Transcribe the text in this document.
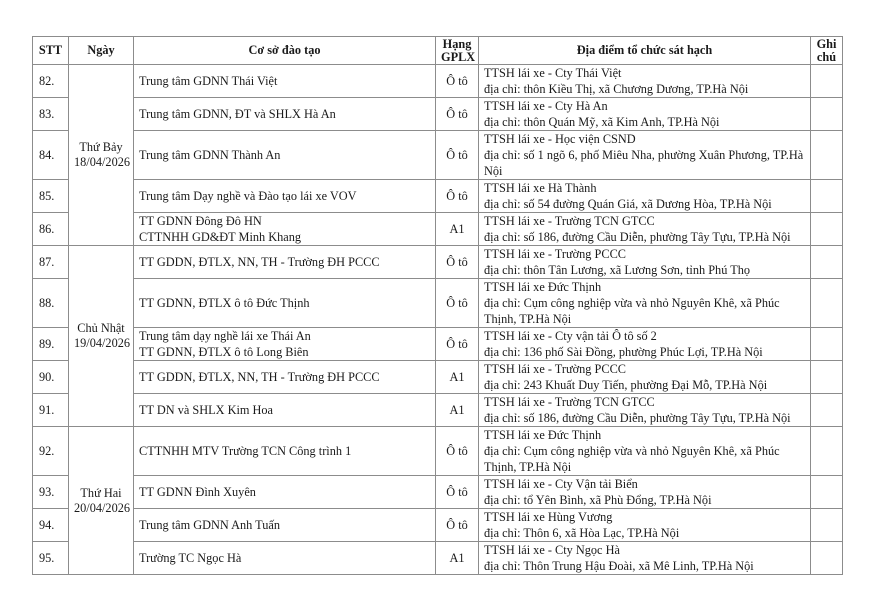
STT	Ngày	Cơ sở đào tạo	Hạng
GPLX	Địa điểm tổ chức sát hạch	Ghi
chú

82.	Thứ Bảy
18/04/2026	Trung tâm GDNN Thái Việt	Ô tô	TTSH lái xe - Cty Thái Việt
địa chỉ: thôn Kiều Thị, xã Chương Dương, TP.Hà Nội	

83.		Trung tâm GDNN, ĐT và SHLX Hà An	Ô tô	TTSH lái xe - Cty Hà An
địa chỉ: thôn Quán Mỹ, xã Kim Anh, TP.Hà Nội	

84.		Trung tâm GDNN Thành An	Ô tô	TTSH lái xe - Học viện CSND
địa chỉ: số 1 ngõ 6, phố Miêu Nha, phường Xuân Phương, TP.Hà Nội	

85.		Trung tâm Dạy nghề và Đào tạo lái xe VOV	Ô tô	TTSH lái xe Hà Thành
địa chỉ: số 54 đường Quán Giá, xã Dương Hòa, TP.Hà Nội	

86.		TT GDNN Đông Đô HN
CTTNHH GD&ĐT Minh Khang	A1	TTSH lái xe - Trường TCN GTCC
địa chỉ: số 186, đường Cầu Diễn, phường Tây Tựu, TP.Hà Nội	

87.	Chủ Nhật
19/04/2026	TT GDDN, ĐTLX, NN, TH - Trường ĐH PCCC	Ô tô	TTSH lái xe - Trường PCCC
địa chỉ: thôn Tân Lương, xã Lương Sơn, tỉnh Phú Thọ	

88.		TT GDNN, ĐTLX ô tô Đức Thịnh	Ô tô	TTSH lái xe Đức Thịnh
địa chỉ: Cụm công nghiệp vừa và nhỏ Nguyên Khê, xã Phúc Thịnh, TP.Hà Nội	

89.		Trung tâm dạy nghề lái xe Thái An
TT GDNN, ĐTLX ô tô Long Biên	Ô tô	TTSH lái xe - Cty vận tải Ô tô số 2
địa chỉ: 136 phố Sài Đồng, phường Phúc Lợi, TP.Hà Nội	

90.		TT GDDN, ĐTLX, NN, TH - Trường ĐH PCCC	A1	TTSH lái xe - Trường PCCC
địa chỉ: 243 Khuất Duy Tiến, phường Đại Mỗ, TP.Hà Nội	

91.		TT DN và SHLX Kim Hoa	A1	TTSH lái xe - Trường TCN GTCC
địa chỉ: số 186, đường Cầu Diễn, phường Tây Tựu, TP.Hà Nội	

92.	Thứ Hai
20/04/2026	CTTNHH MTV Trường TCN Công trình 1	Ô tô	TTSH lái xe Đức Thịnh
địa chỉ: Cụm công nghiệp vừa và nhỏ Nguyên Khê, xã Phúc Thịnh, TP.Hà Nội	

93.		TT GDNN Đình Xuyên	Ô tô	TTSH lái xe - Cty Vận tải Biển
địa chỉ: tổ Yên Bình, xã Phù Đổng, TP.Hà Nội	

94.		Trung tâm GDNN Anh Tuấn	Ô tô	TTSH lái xe Hùng Vương
địa chỉ: Thôn 6, xã Hòa Lạc, TP.Hà Nội	

95.		Trường TC Ngọc Hà	A1	TTSH lái xe - Cty Ngọc Hà
địa chỉ: Thôn Trung Hậu Đoài, xã Mê Linh, TP.Hà Nội	
